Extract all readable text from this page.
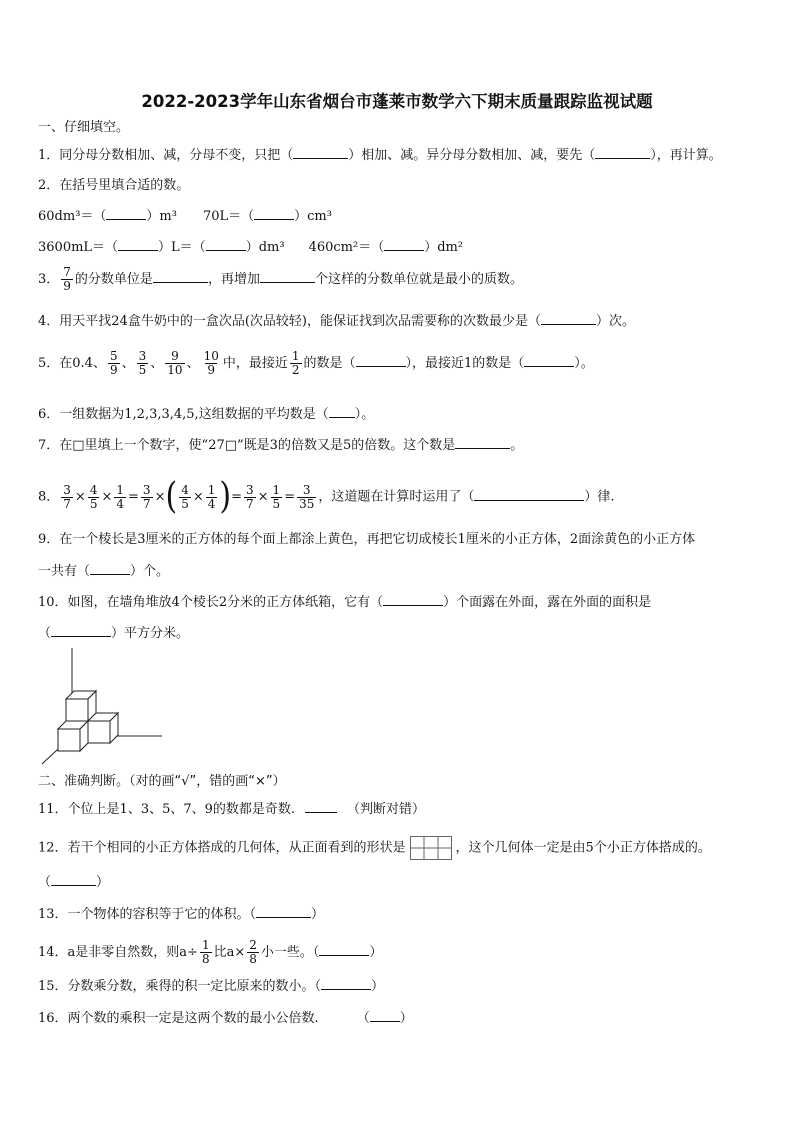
2022-2023学年山东省烟台市蓬莱市数学六下期末质量跟踪监视试题
一、仔细填空。
1．同分母分数相加、减，分母不变，只把（	）相加、减。异分母分数相加、减，要先（	），再计算。
2．在括号里填合适的数。
60dm³＝（	）m³ 70L＝（	）cm³
3600mL＝（	）L＝（	）dm³ 460cm²＝（	）dm²
3． $\frac{7}{9}$ 的分数单位是	，再增加	个这样的分数单位就是最小的质数。
4．用天平找24盒牛奶中的一盒次品(次品较轻)，能保证找到次品需要称的次数最少是（	）次。
5．在0.4、 $\frac{5}{9}$ 、 $\frac{3}{5}$ 、 $\frac{9}{10}$ 、 $\frac{10}{9}$ 中，最接近 $\frac{1}{2}$ 的数是（	），最接近1的数是（	）。
6．一组数据为1,2,3,3,4,5,这组数据的平均数是（ ）。
7．在□里填上一个数字，使“27□”既是3的倍数又是5的倍数。这个数是	。
8． $\frac{3}{7} \times \frac{4}{5} \times \frac{1}{4} = \frac{3}{7}$ ×( $\frac{4}{5} \times \frac{1}{4}$ )= $\frac{3}{7} \times \frac{1}{5} = \frac{3}{35}$ ，这道题在计算时运用了（	）律.
9．在一个棱长是3厘米的正方体的每个面上都涂上黄色，再把它切成棱长1厘米的小正方体，2面涂黄色的小正方体
一共有（	）个。
10．如图，在墙角堆放4个棱长2分米的正方体纸箱，它有（	）个面露在外面，露在外面的面积是
（	）平方分米。
二、准确判断。（对的画“√”，错的画“×”）
11．个位上是1、3、5、7、9的数都是奇数.	（判断对错）
12．若干个相同的小正方体搭成的几何体，从正面看到的形状是	，这个几何体一定是由5个小正方体搭成的。
（	）
13．一个物体的容积等于它的体积。（	）
14．a是非零自然数，则$a\div \frac{1}{8}$ 比$a\times \frac{2}{8}$ 小一些。（	）
15．分数乘分数，乘得的积一定比原来的数小。（	）
16．两个数的乘积一定是这两个数的最小公倍数.	（ ）
